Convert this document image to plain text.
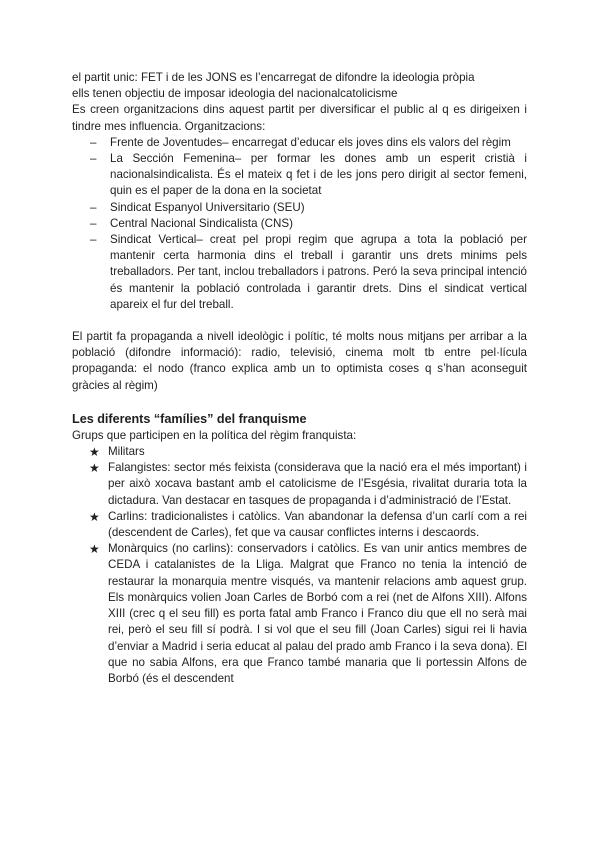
el partit unic: FET i de les JONS es l’encarregat de difondre la ideologia pròpia

ells tenen objectiu de imposar ideologia del nacionalcatolicisme

Es creen organitzacions dins aquest partit per diversificar el public al q es dirigeixen i tindre mes influencia. Organitzacions:

– Frente de Joventudes– encarregat d’educar els joves dins els valors del règim
– La Sección Femenina– per formar les dones amb un esperit cristià i nacionalsindicalista. És el mateix q fet i de les jons pero dirigit al sector femeni, quin es el paper de la dona en la societat
– Sindicat Espanyol Universitario (SEU)
– Central Nacional Sindicalista (CNS)
– Sindicat Vertical– creat pel propi regim que agrupa a tota la població per mantenir certa harmonia dins el treball i garantir uns drets minims pels treballadors. Per tant, inclou treballadors i patrons. Peró la seva principal intenció és mantenir la població controlada i garantir drets. Dins el sindicat vertical apareix el fur del treball.

El partit fa propaganda a nivell ideològic i polític, té molts nous mitjans per arribar a la població (difondre informació): radio, televisió, cinema molt tb entre pel·lícula propaganda: el nodo (franco explica amb un to optimista coses q s’han aconseguit gràcies al règim)

Les diferents “famílies” del franquisme

Grups que participen en la política del règim franquista:

★ Militars
★ Falangistes: sector més feixista (considerava que la nació era el més important) i per això xocava bastant amb el catolicisme de l’Esgésia, rivalitat duraria tota la dictadura. Van destacar en tasques de propaganda i d’administració de l’Estat.
★ Carlins: tradicionalistes i catòlics. Van abandonar la defensa d’un carlí com a rei (descendent de Carles), fet que va causar conflictes interns i descaords.
★ Monàrquics (no carlins): conservadors i catòlics. Es van unir antics membres de CEDA i catalanistes de la Lliga. Malgrat que Franco no tenia la intenció de restaurar la monarquia mentre visqués, va mantenir relacions amb aquest grup. Els monàrquics volien Joan Carles de Borbó com a rei (net de Alfons XIII). Alfons XIII (crec q el seu fill) es porta fatal amb Franco i Franco diu que ell no serà mai rei, però el seu fill sí podrà. I si vol que el seu fill (Joan Carles) sigui rei li havia d’enviar a Madrid i seria educat al palau del prado amb Franco i la seva dona). El que no sabia Alfons, era que Franco també manaria que li portessin Alfons de Borbó (és el descendent
